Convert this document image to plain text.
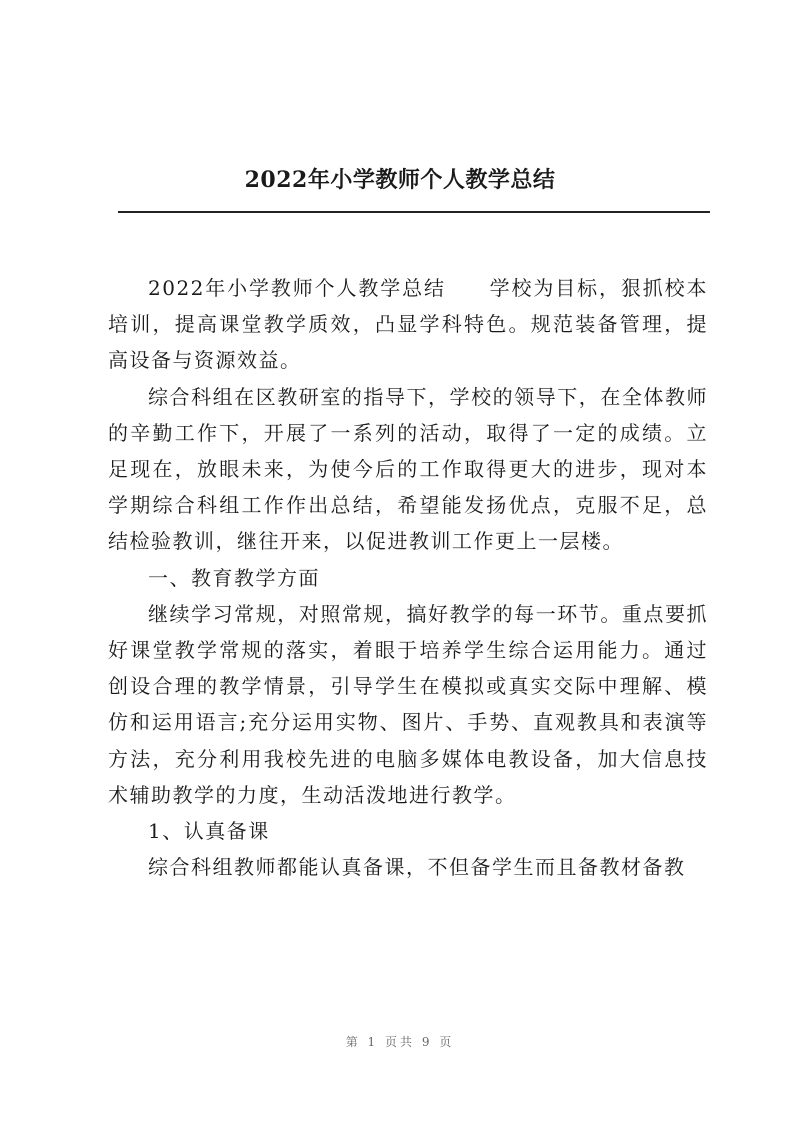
2022年小学教师个人教学总结

2022年小学教师个人教学总结　　学校为目标，狠抓校本培训，提高课堂教学质效，凸显学科特色。规范装备管理，提高设备与资源效益。

综合科组在区教研室的指导下，学校的领导下，在全体教师的辛勤工作下，开展了一系列的活动，取得了一定的成绩。立足现在，放眼未来，为使今后的工作取得更大的进步，现对本学期综合科组工作作出总结，希望能发扬优点，克服不足，总结检验教训，继往开来，以促进教训工作更上一层楼。

一、教育教学方面

继续学习常规，对照常规，搞好教学的每一环节。重点要抓好课堂教学常规的落实，着眼于培养学生综合运用能力。通过创设合理的教学情景，引导学生在模拟或真实交际中理解、模仿和运用语言;充分运用实物、图片、手势、直观教具和表演等方法，充分利用我校先进的电脑多媒体电教设备，加大信息技术辅助教学的力度，生动活泼地进行教学。

1、认真备课

综合科组教师都能认真备课，不但备学生而且备教材备教

第 1 页共 9 页
